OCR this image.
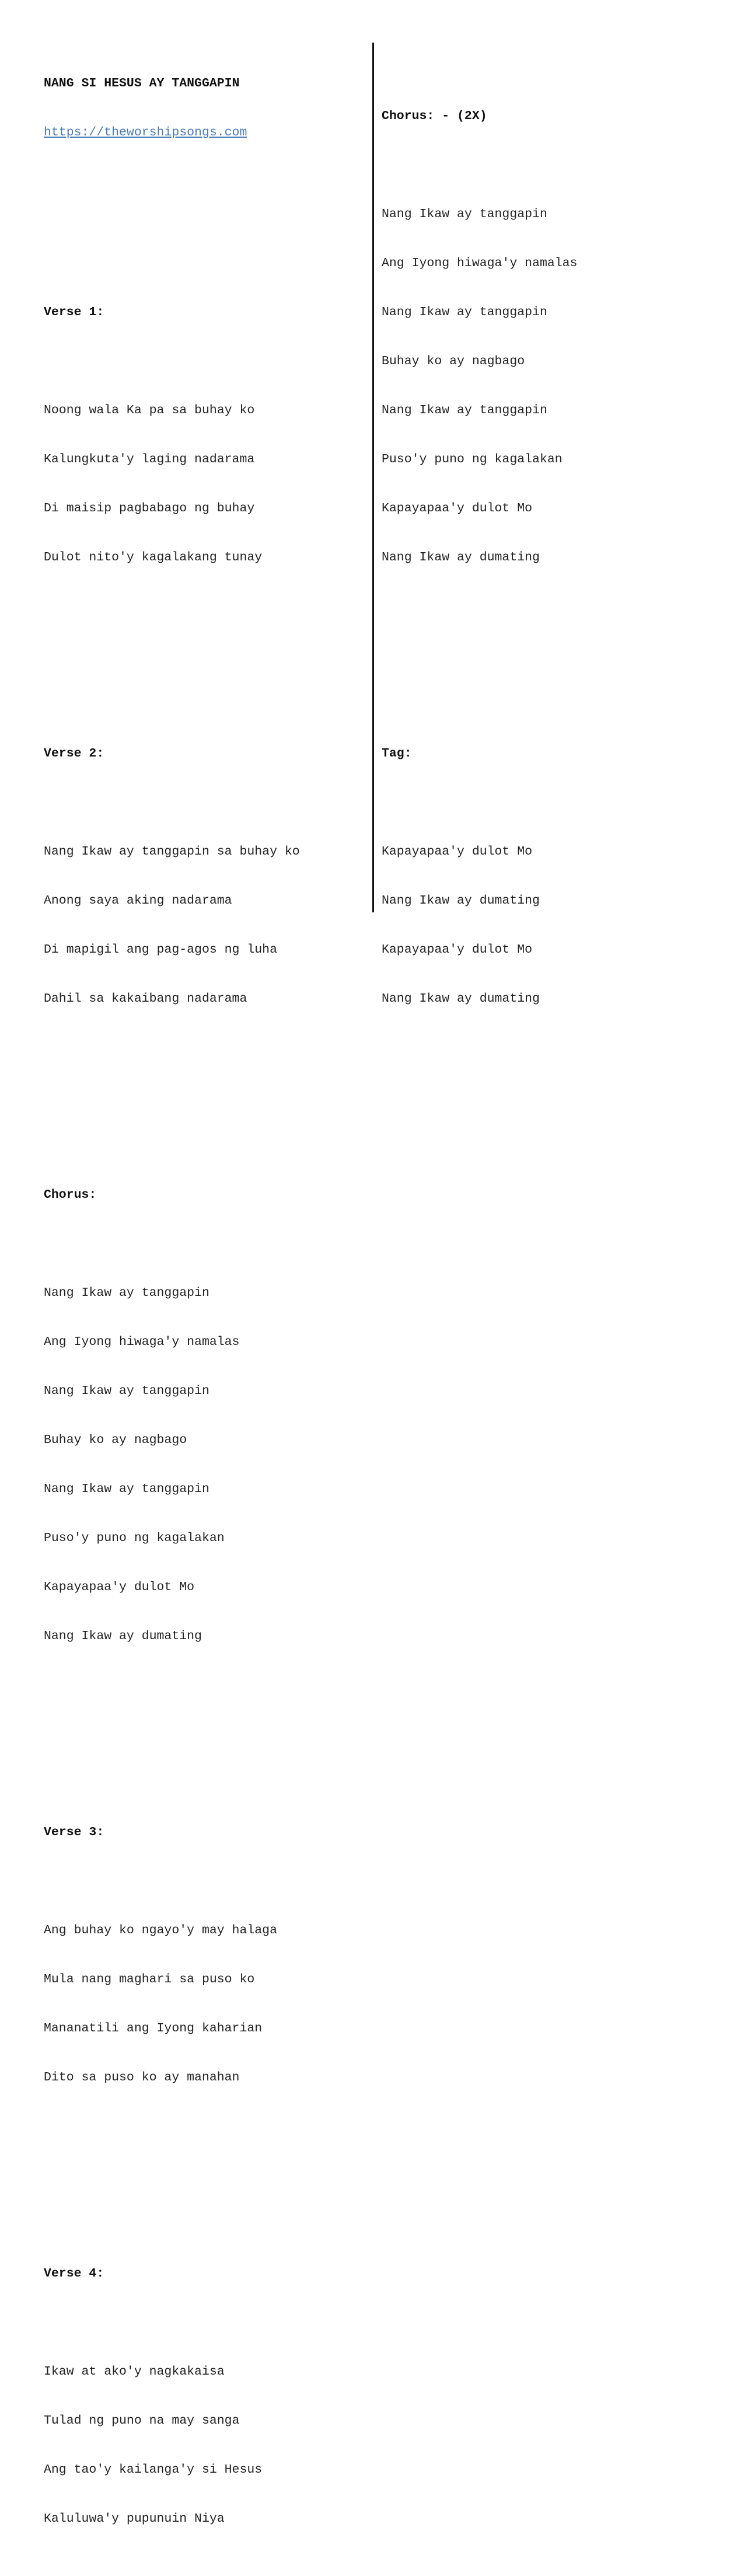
NANG SI HESUS AY TANGGAPIN

https://theworshipsongs.com

Verse 1:

Noong wala Ka pa sa buhay ko

Kalungkuta'y laging nadarama

Di maisip pagbabago ng buhay

Dulot nito'y kagalakang tunay

Verse 2:

Nang Ikaw ay tanggapin sa buhay ko

Anong saya aking nadarama

Di mapigil ang pag-agos ng luha

Dahil sa kakaibang nadarama

Chorus:

Nang Ikaw ay tanggapin

Ang Iyong hiwaga'y namalas

Nang Ikaw ay tanggapin

Buhay ko ay nagbago

Nang Ikaw ay tanggapin

Puso'y puno ng kagalakan

Kapayapaa'y dulot Mo

Nang Ikaw ay dumating

Verse 3:

Ang buhay ko ngayo'y may halaga

Mula nang maghari sa puso ko

Mananatili ang Iyong kaharian

Dito sa puso ko ay manahan

Verse 4:

Ikaw at ako'y nagkakaisa

Tulad ng puno na may sanga

Ang tao'y kailanga'y si Hesus

Kaluluwa'y pupunuin Niya

Chorus: - (2X)

Nang Ikaw ay tanggapin

Ang Iyong hiwaga'y namalas

Nang Ikaw ay tanggapin

Buhay ko ay nagbago

Nang Ikaw ay tanggapin

Puso'y puno ng kagalakan

Kapayapaa'y dulot Mo

Nang Ikaw ay dumating

Tag:

Kapayapaa'y dulot Mo

Nang Ikaw ay dumating

Kapayapaa'y dulot Mo

Nang Ikaw ay dumating
